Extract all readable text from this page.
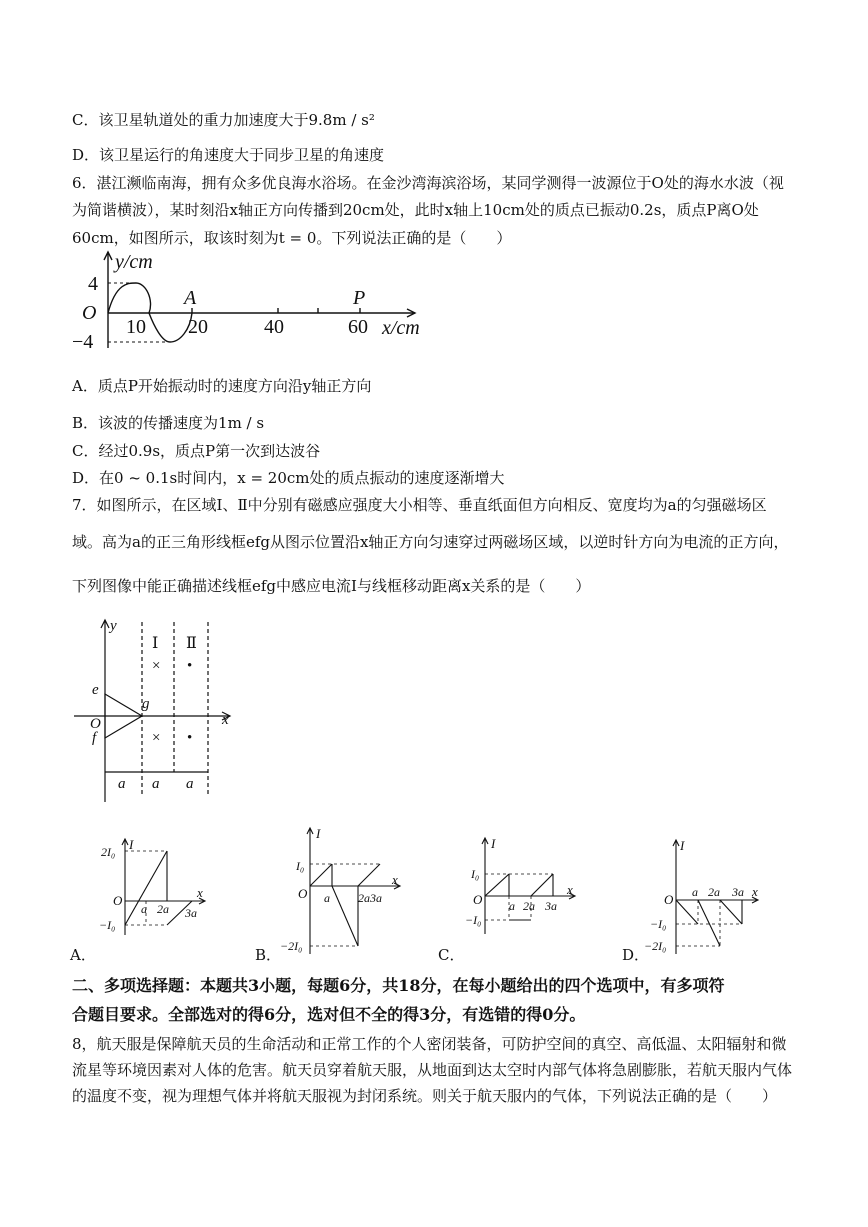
C．该卫星轨道处的重力加速度大于9.8m / s²
D．该卫星运行的角速度大于同步卫星的角速度
6．湛江濒临南海，拥有众多优良海水浴场。在金沙湾海滨浴场，某同学测得一波源位于O处的海水水波（视
为简谐横波），某时刻沿x轴正方向传播到20cm处，此时x轴上10cm处的质点已振动0.2s，质点P离O处
60cm，如图所示，取该时刻为t = 0。下列说法正确的是（　　）
y/cm
4
O
−4
10 20	40	60
A	P
x/cm
A．质点P开始振动时的速度方向沿y轴正方向
B．该波的传播速度为1m / s
C．经过0.9s，质点P第一次到达波谷
D．在0 ~ 0.1s时间内，x = 20cm处的质点振动的速度逐渐增大
7．如图所示，在区域Ⅰ、Ⅱ中分别有磁感应强度大小相等、垂直纸面但方向相反、宽度均为a的匀强磁场区
域。高为a的正三角形线框efg从图示位置沿x轴正方向匀速穿过两磁场区域，以逆时针方向为电流的正方向，
下列图像中能正确描述线框efg中感应电流I与线框移动距离x关系的是（　　）
y
x
O
e
f
g
Ⅰ Ⅱ
× •
× •
a a a
I
2I₀
O
−I₀
x
a 2a 3a
A．
I
I₀
O
x
a 2a3a
−2I₀
B．
I
I₀
O
x
a 2a 3a
−I₀
C．
I
O
x
a 2a 3a
−I₀
−2I₀
D．
二、多项选择题：本题共3小题，每题6分，共18分，在每小题给出的四个选项中，有多项符
合题目要求。全部选对的得6分，选对但不全的得3分，有选错的得0分。
8，航天服是保障航天员的生命活动和正常工作的个人密闭装备，可防护空间的真空、高低温、太阳辐射和微
流星等环境因素对人体的危害。航天员穿着航天服，从地面到达太空时内部气体将急剧膨胀，若航天服内气体
的温度不变，视为理想气体并将航天服视为封闭系统。则关于航天服内的气体，下列说法正确的是（　　）
